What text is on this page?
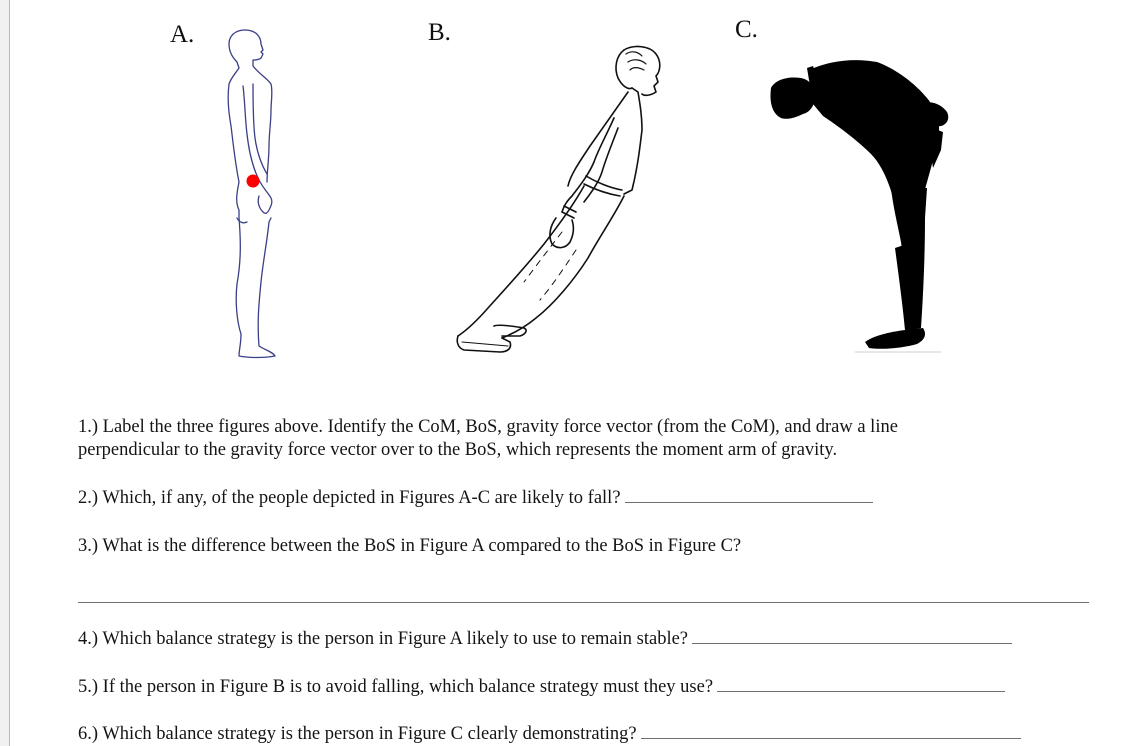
A.	B.	C.
1.) Label the three figures above. Identify the CoM, BoS, gravity force vector (from the CoM), and draw a line
perpendicular to the gravity force vector over to the BoS, which represents the moment arm of gravity.
2.) Which, if any, of the people depicted in Figures A-C are likely to fall?
3.) What is the difference between the BoS in Figure A compared to the BoS in Figure C?
4.) Which balance strategy is the person in Figure A likely to use to remain stable?
5.) If the person in Figure B is to avoid falling, which balance strategy must they use?
6.) Which balance strategy is the person in Figure C clearly demonstrating?
